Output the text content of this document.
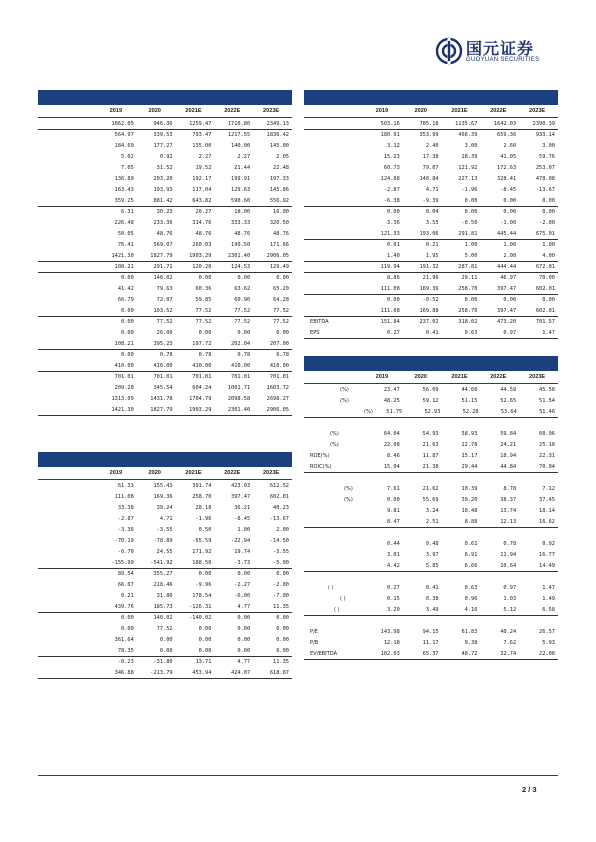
国元证券
GUOYUAN SECURITIES
2019	2020	2021E	2022E	2023E
1062.05	946.36	1259.47	1710.80	2349.13
564.97	339.53	793.47	1217.55	1836.42
184.69	177.27	135.00	140.00	145.00
5.02	0.92	2.27	2.27	2.05
7.05	31.52	19.52	21.44	22.48
136.89	203.20	192.17	199.91	197.33
163.43	193.93	117.04	129.63	145.86
359.25	881.42	643.82	590.60	556.92
6.31	30.23	20.27	18.00	16.00
226.48	233.36	314.76	333.33	320.50
50.05	48.76	48.76	48.76	48.76
76.41	569.07	260.03	190.50	171.66
1421.30	1827.79	1903.29	2301.40	2906.05
108.21	291.71	120.20	124.53	129.49
0.00	140.02	0.00	0.00	0.00
41.42	79.63	60.36	63.62	65.20
66.79	72.07	59.85	60.90	64.28
0.00	103.52	77.52	77.52	77.52
0.00	77.52	77.52	77.52	77.52
0.00	26.00	0.00	0.00	0.00
108.21	395.23	197.72	202.04	207.00
0.00	0.78	0.78	0.78	0.78
410.00	410.00	410.00	410.00	410.00
701.01	701.01	701.01	701.01	701.01
209.28	345.54	604.24	1001.71	1603.72
1313.09	1431.78	1704.79	2098.58	2698.27
1421.30	1827.79	1903.29	2301.40	2906.05
2019	2020	2021E	2022E	2023E
503.16	785.18	1135.67	1642.03	2390.39
180.91	353.99	466.39	659.36	933.14
3.12	2.40	3.00	2.60	3.00
15.23	17.38	28.39	41.05	59.76
60.73	79.07	121.92	172.63	253.07
124.88	140.84	227.13	328.41	478.08
-2.87	4.71	-1.96	-8.45	-13.67
-6.38	-9.39	0.00	0.00	0.00
0.00	0.04	0.00	0.00	0.00
3.36	3.55	-0.50	-1.00	-2.00
121.33	193.06	291.81	445.44	675.01
0.01	0.21	1.00	1.00	1.00
1.40	1.95	5.00	2.00	4.00
119.94	191.32	287.81	444.44	672.01
8.86	21.96	29.11	46.97	70.00
111.08	169.36	258.70	397.47	602.01
0.00	-0.52	0.00	0.00	0.00
111.08	169.88	258.70	397.47	602.01
EBITDA	151.84	237.02	318.02	473.20	701.57
EPS	0.27	0.41	0.63	0.97	1.47
2019	2020	2021E	2022E	2023E
61.33	155.43	391.74	423.03	612.52
111.08	169.36	258.70	397.47	602.01
33.38	39.24	28.18	36.21	40.23
-2.87	4.71	-1.96	-8.45	-13.67
-3.36	-3.55	0.50	1.00	2.00
-70.19	-78.89	-65.59	-22.94	-14.50
-6.70	24.55	171.92	19.74	-3.55
-155.99	-541.92	188.50	-3.73	-5.00
89.54	355.27	0.00	0.00	0.00
66.67	218.46	-9.96	-2.27	-2.00
0.21	31.80	178.54	-6.00	-7.00
439.76	185.73	-126.31	4.77	11.35
0.00	140.02	-140.02	0.00	0.00
0.00	77.52	0.00	0.00	0.00
361.64	0.00	0.00	0.00	0.00
78.35	0.00	0.00	0.00	0.00
-0.23	-31.80	13.71	4.77	11.35
346.88	-213.79	453.94	424.07	618.87
2019	2020	2021E	2022E	2023E
(%)	23.47	56.09	44.60	44.59	45.58
(%)	48.25	59.12	51.15	52.65	51.54
(%)	51.75	52.93	52.28	53.64	51.46
(%)	64.04	54.93	58.93	59.84	60.96
(%)	22.08	21.63	22.78	24.21	25.18
ROE(%)	8.46	11.87	15.17	18.94	22.31
ROIC(%)	15.04	21.38	29.44	44.84	70.04
(%)	7.61	21.62	10.39	8.78	7.12
(%)	0.00	55.69	39.20	38.37	37.45
9.81	3.24	10.48	13.74	18.14
8.47	2.51	8.88	12.13	16.62
0.44	0.48	0.61	0.78	0.92
3.01	3.97	6.91	11.94	16.77
4.42	5.85	6.66	10.64	14.49
( )	0.27	0.41	0.63	0.97	1.47
( )	0.15	0.38	0.96	1.03	1.49
( )	3.20	3.49	4.16	5.12	6.58
P/E	143.98	94.15	61.83	40.24	26.57
P/B	12.18	11.17	9.38	7.62	5.93
EV/EBITDA	102.03	65.37	48.72	32.74	22.08
2 / 3
